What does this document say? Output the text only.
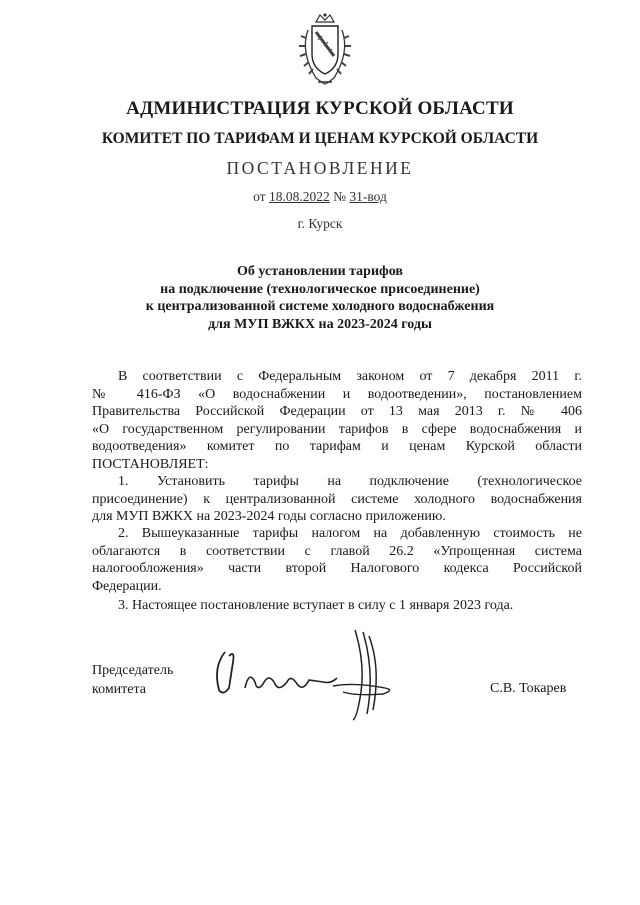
АДМИНИСТРАЦИЯ КУРСКОЙ ОБЛАСТИ
КОМИТЕТ ПО ТАРИФАМ И ЦЕНАМ КУРСКОЙ ОБЛАСТИ
ПОСТАНОВЛЕНИЕ
от 18.08.2022 № 31-вод
г. Курск
Об установлении тарифов
на подключение (технологическое присоединение)
к централизованной системе холодного водоснабжения
для МУП ВЖКХ на 2023-2024 годы
В соответствии с Федеральным законом от 7 декабря 2011 г.
№ 416-ФЗ «О водоснабжении и водоотведении», постановлением
Правительства Российской Федерации от 13 мая 2013 г. № 406
«О государственном регулировании тарифов в сфере водоснабжения и
водоотведения» комитет по тарифам и ценам Курской области
ПОСТАНОВЛЯЕТ:
1. Установить тарифы на подключение (технологическое
присоединение) к централизованной системе холодного водоснабжения
для МУП ВЖКХ на 2023-2024 годы согласно приложению.
2. Вышеуказанные тарифы налогом на добавленную стоимость не
облагаются в соответствии с главой 26.2 «Упрощенная система
налогообложения» части второй Налогового кодекса Российской
Федерации.
3. Настоящее постановление вступает в силу с 1 января 2023 года.
Председатель
комитета	С.В. Токарев
